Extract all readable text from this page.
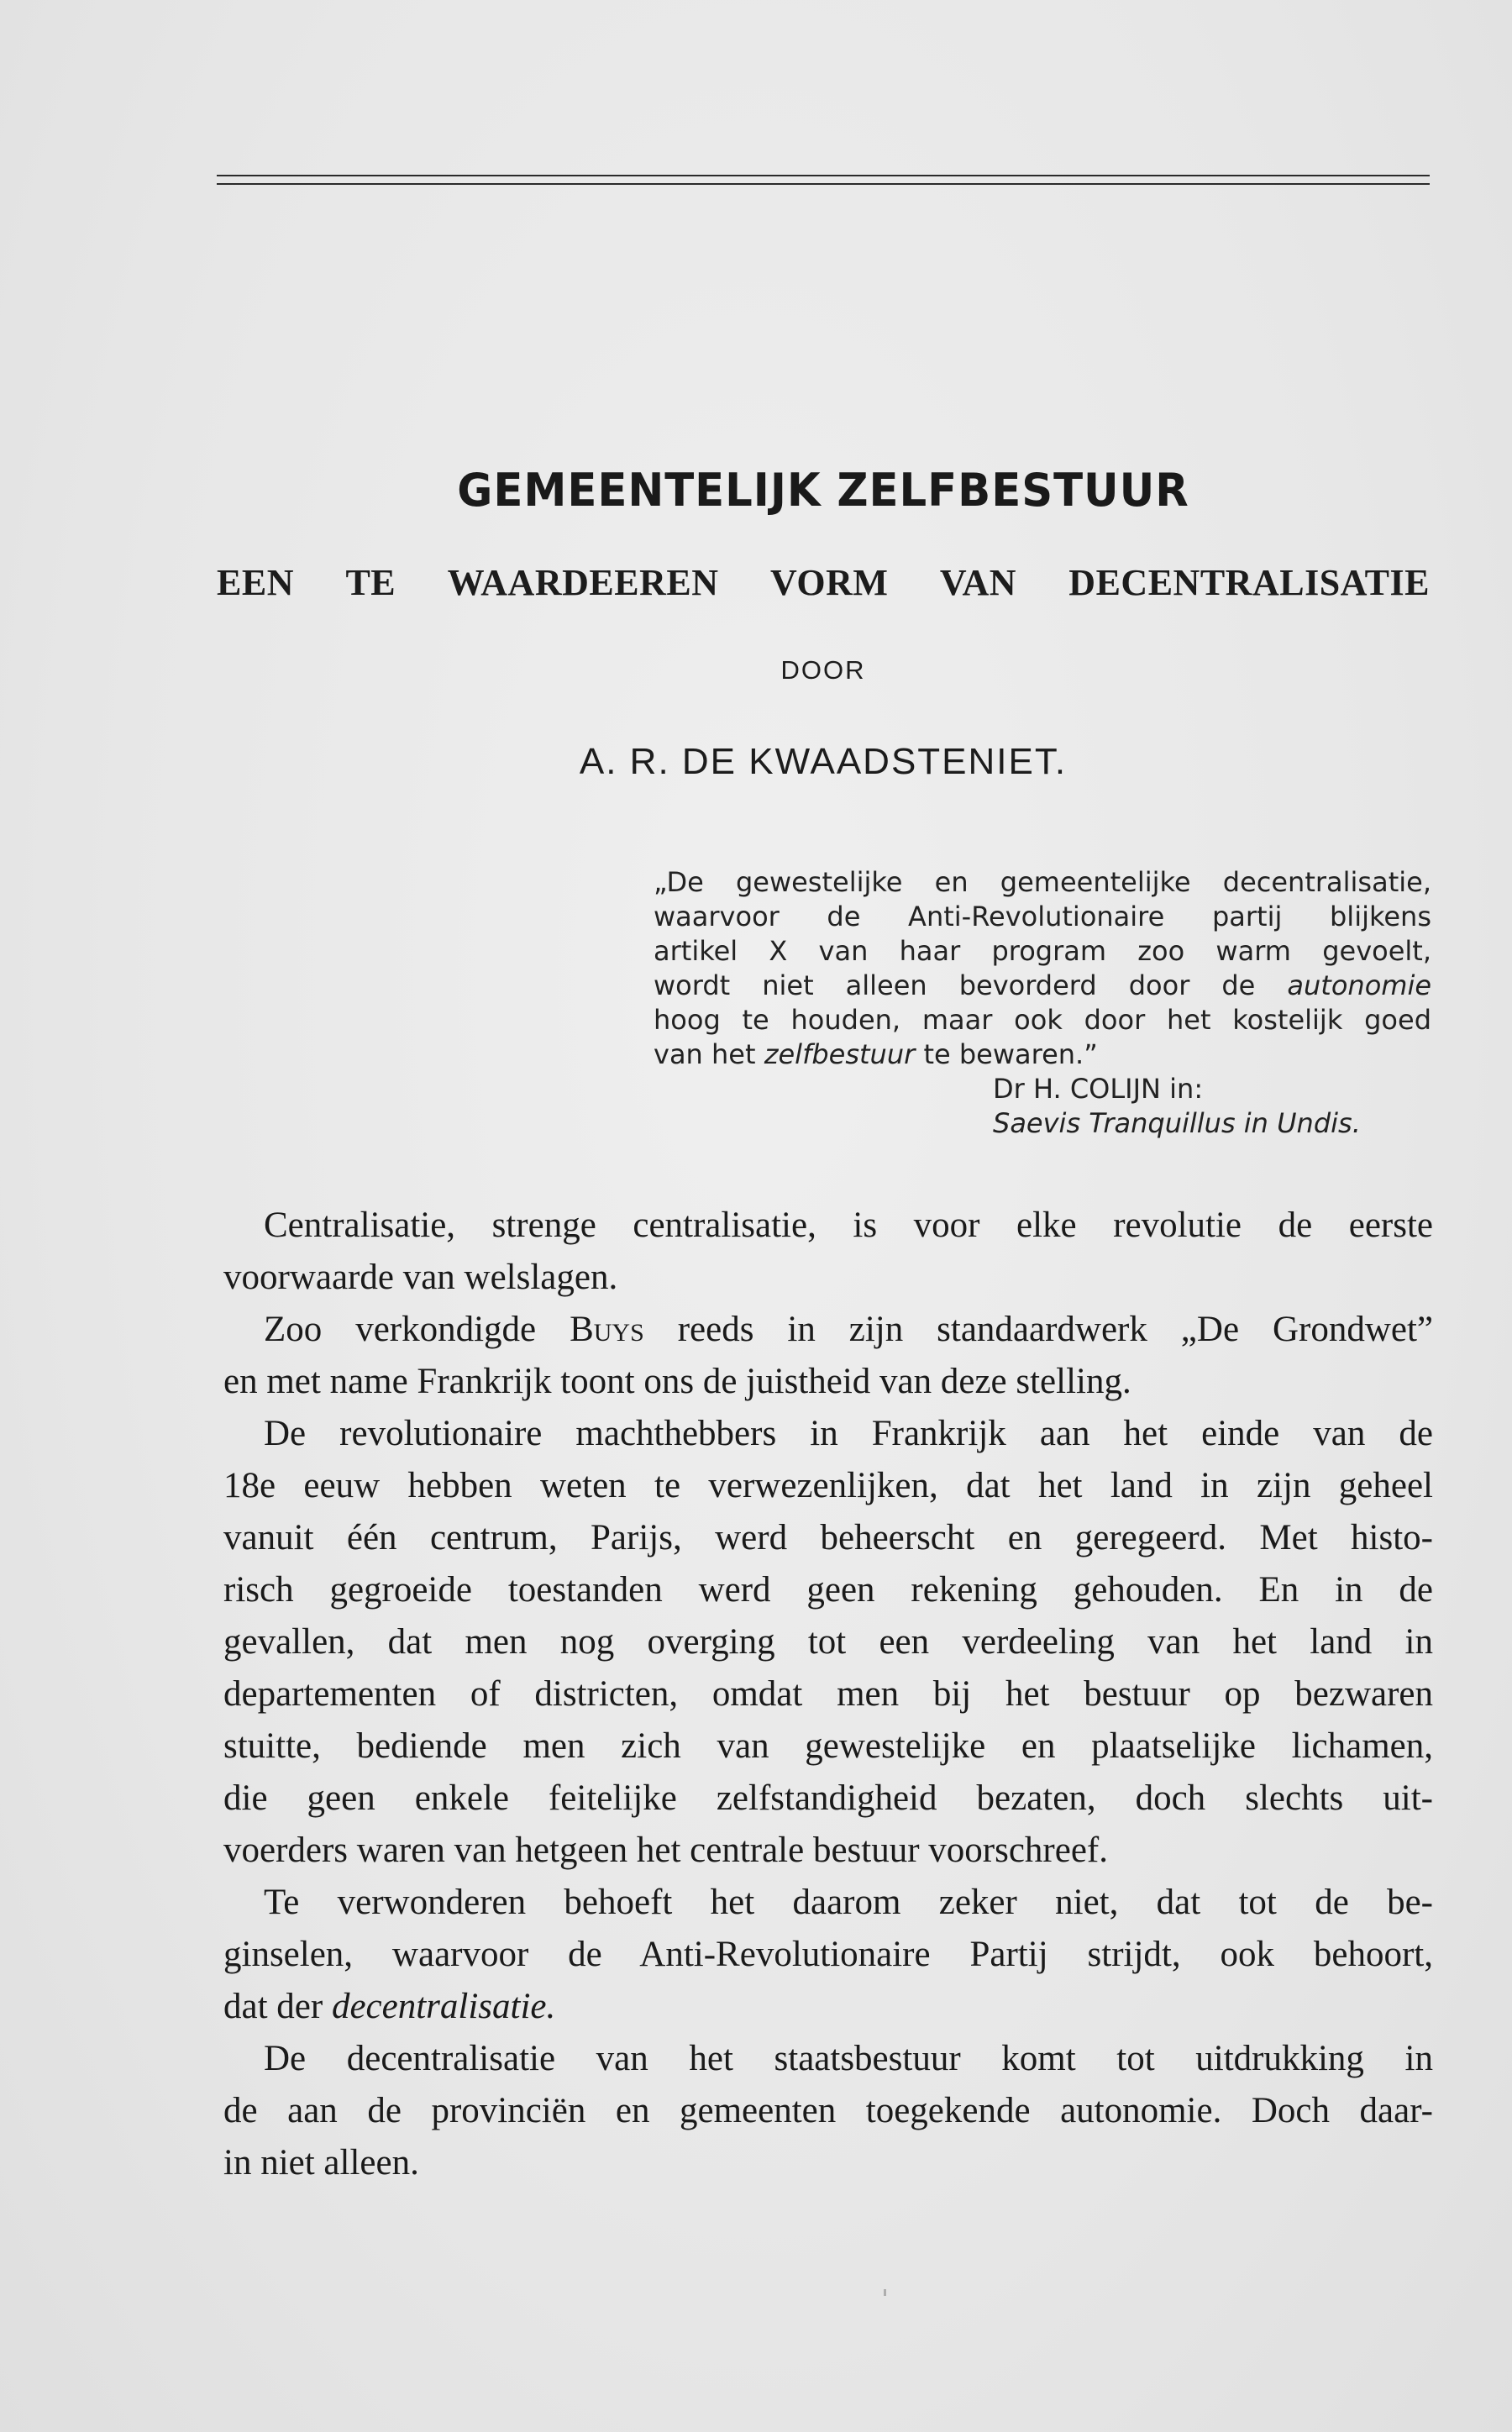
GEMEENTELIJK ZELFBESTUUR
EEN TE WAARDEEREN VORM VAN DECENTRALISATIE

DOOR

A. R. DE KWAADSTENIET.

„De gewestelijke en gemeentelijke decentralisatie,
waarvoor de Anti-Revolutionaire partij blijkens
artikel X van haar program zoo warm gevoelt,
wordt niet alleen bevorderd door de autonomie
hoog te houden, maar ook door het kostelijk goed
van het zelfbestuur te bewaren.”
Dr H. COLIJN in:
Saevis Tranquillus in Undis.
Centralisatie, strenge centralisatie, is voor elke revolutie de eerste
voorwaarde van welslagen.
Zoo verkondigde Buys reeds in zijn standaardwerk „De Grondwet”
en met name Frankrijk toont ons de juistheid van deze stelling.
De revolutionaire machthebbers in Frankrijk aan het einde van de
18e eeuw hebben weten te verwezenlijken, dat het land in zijn geheel
vanuit één centrum, Parijs, werd beheerscht en geregeerd. Met histo-
risch gegroeide toestanden werd geen rekening gehouden. En in de
gevallen, dat men nog overging tot een verdeeling van het land in
departementen of districten, omdat men bij het bestuur op bezwaren
stuitte, bediende men zich van gewestelijke en plaatselijke lichamen,
die geen enkele feitelijke zelfstandigheid bezaten, doch slechts uit-
voerders waren van hetgeen het centrale bestuur voorschreef.
Te verwonderen behoeft het daarom zeker niet, dat tot de be-
ginselen, waarvoor de Anti-Revolutionaire Partij strijdt, ook behoort,
dat der decentralisatie.
De decentralisatie van het staatsbestuur komt tot uitdrukking in
de aan de provinciën en gemeenten toegekende autonomie. Doch daar-
in niet alleen.
